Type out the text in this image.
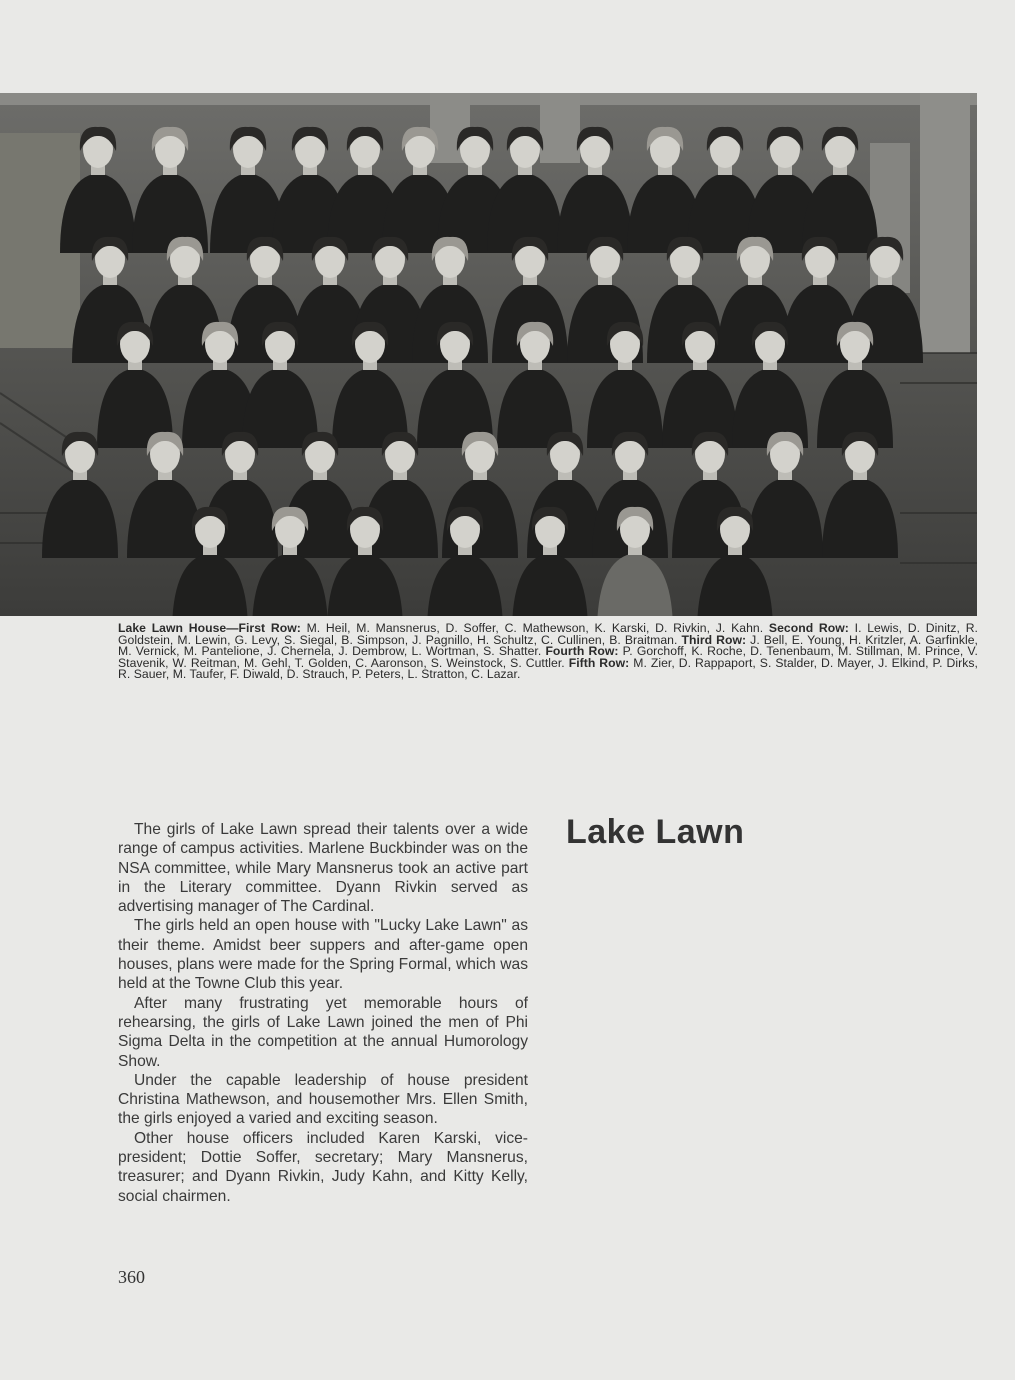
Lake Lawn House—First Row: M. Heil, M. Mansnerus, D. Soffer, C. Mathewson, K. Karski, D. Rivkin, J. Kahn. Second Row: I. Lewis, D. Dinitz, R. Goldstein, M. Lewin, G. Levy, S. Siegal, B. Simpson, J. Pagnillo, H. Schultz, C. Cullinen, B. Braitman. Third Row: J. Bell, E. Young, H. Kritzler, A. Garfinkle, M. Vernick, M. Pantelione, J. Chernela, J. Dembrow, L. Wortman, S. Shatter. Fourth Row: P. Gorchoff, K. Roche, D. Tenenbaum, M. Stillman, M. Prince, V. Stavenik, W. Reitman, M. Gehl, T. Golden, C. Aaronson, S. Weinstock, S. Cuttler. Fifth Row: M. Zier, D. Rappaport, S. Stalder, D. Mayer, J. Elkind, P. Dirks, R. Sauer, M. Taufer, F. Diwald, D. Strauch, P. Peters, L. Stratton, C. Lazar.

The girls of Lake Lawn spread their talents over a wide range of campus activities. Marlene Buckbinder was on the NSA committee, while Mary Mansnerus took an active part in the Literary committee. Dyann Rivkin served as advertising manager of The Cardinal.

The girls held an open house with "Lucky Lake Lawn" as their theme. Amidst beer suppers and after-game open houses, plans were made for the Spring Formal, which was held at the Towne Club this year.

After many frustrating yet memorable hours of rehearsing, the girls of Lake Lawn joined the men of Phi Sigma Delta in the competition at the annual Humorology Show.

Under the capable leadership of house president Christina Mathewson, and housemother Mrs. Ellen Smith, the girls enjoyed a varied and exciting season.

Other house officers included Karen Karski, vice-president; Dottie Soffer, secretary; Mary Mansnerus, treasurer; and Dyann Rivkin, Judy Kahn, and Kitty Kelly, social chairmen.

Lake Lawn
360
